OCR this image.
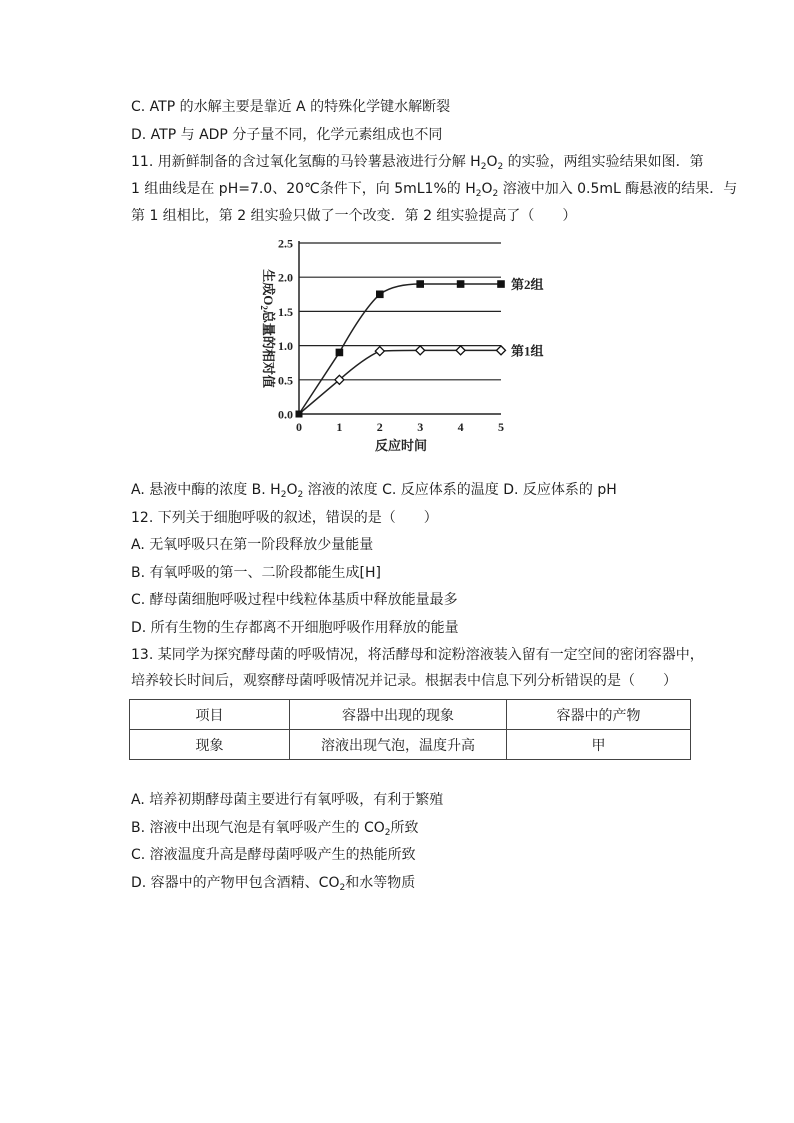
C. ATP 的水解主要是靠近 A 的特殊化学键水解断裂
D. ATP 与 ADP 分子量不同，化学元素组成也不同
11. 用新鲜制备的含过氧化氢酶的马铃薯悬液进行分解 $H_2O_2$ 的实验，两组实验结果如图．第
1 组曲线是在 pH=7.0、20℃条件下，向 5mL1%的 $H_2O_2$ 溶液中加入 0.5mL 酶悬液的结果．与
第 1 组相比，第 2 组实验只做了一个改变．第 2 组实验提高了（　　）
0.0
0.5
1.0
1.5
2.0
2.5
0	1	2	3	4	5
第2组
第1组
生成$O_2$总量的相对值
反应时间
A. 悬液中酶的浓度 B. $H_2O_2$ 溶液的浓度 C. 反应体系的温度 D. 反应体系的 pH
12. 下列关于细胞呼吸的叙述，错误的是（　　）
A. 无氧呼吸只在第一阶段释放少量能量
B. 有氧呼吸的第一、二阶段都能生成[H]
C. 酵母菌细胞呼吸过程中线粒体基质中释放能量最多
D. 所有生物的生存都离不开细胞呼吸作用释放的能量
13. 某同学为探究酵母菌的呼吸情况，将活酵母和淀粉溶液装入留有一定空间的密闭容器中，
培养较长时间后，观察酵母菌呼吸情况并记录。根据表中信息下列分析错误的是（　　）
项目	容器中出现的现象	容器中的产物
现象	溶液出现气泡，温度升高	甲
A. 培养初期酵母菌主要进行有氧呼吸，有利于繁殖
B. 溶液中出现气泡是有氧呼吸产生的 $CO_2$所致
C. 溶液温度升高是酵母菌呼吸产生的热能所致
D. 容器中的产物甲包含酒精、$CO_2$和水等物质
